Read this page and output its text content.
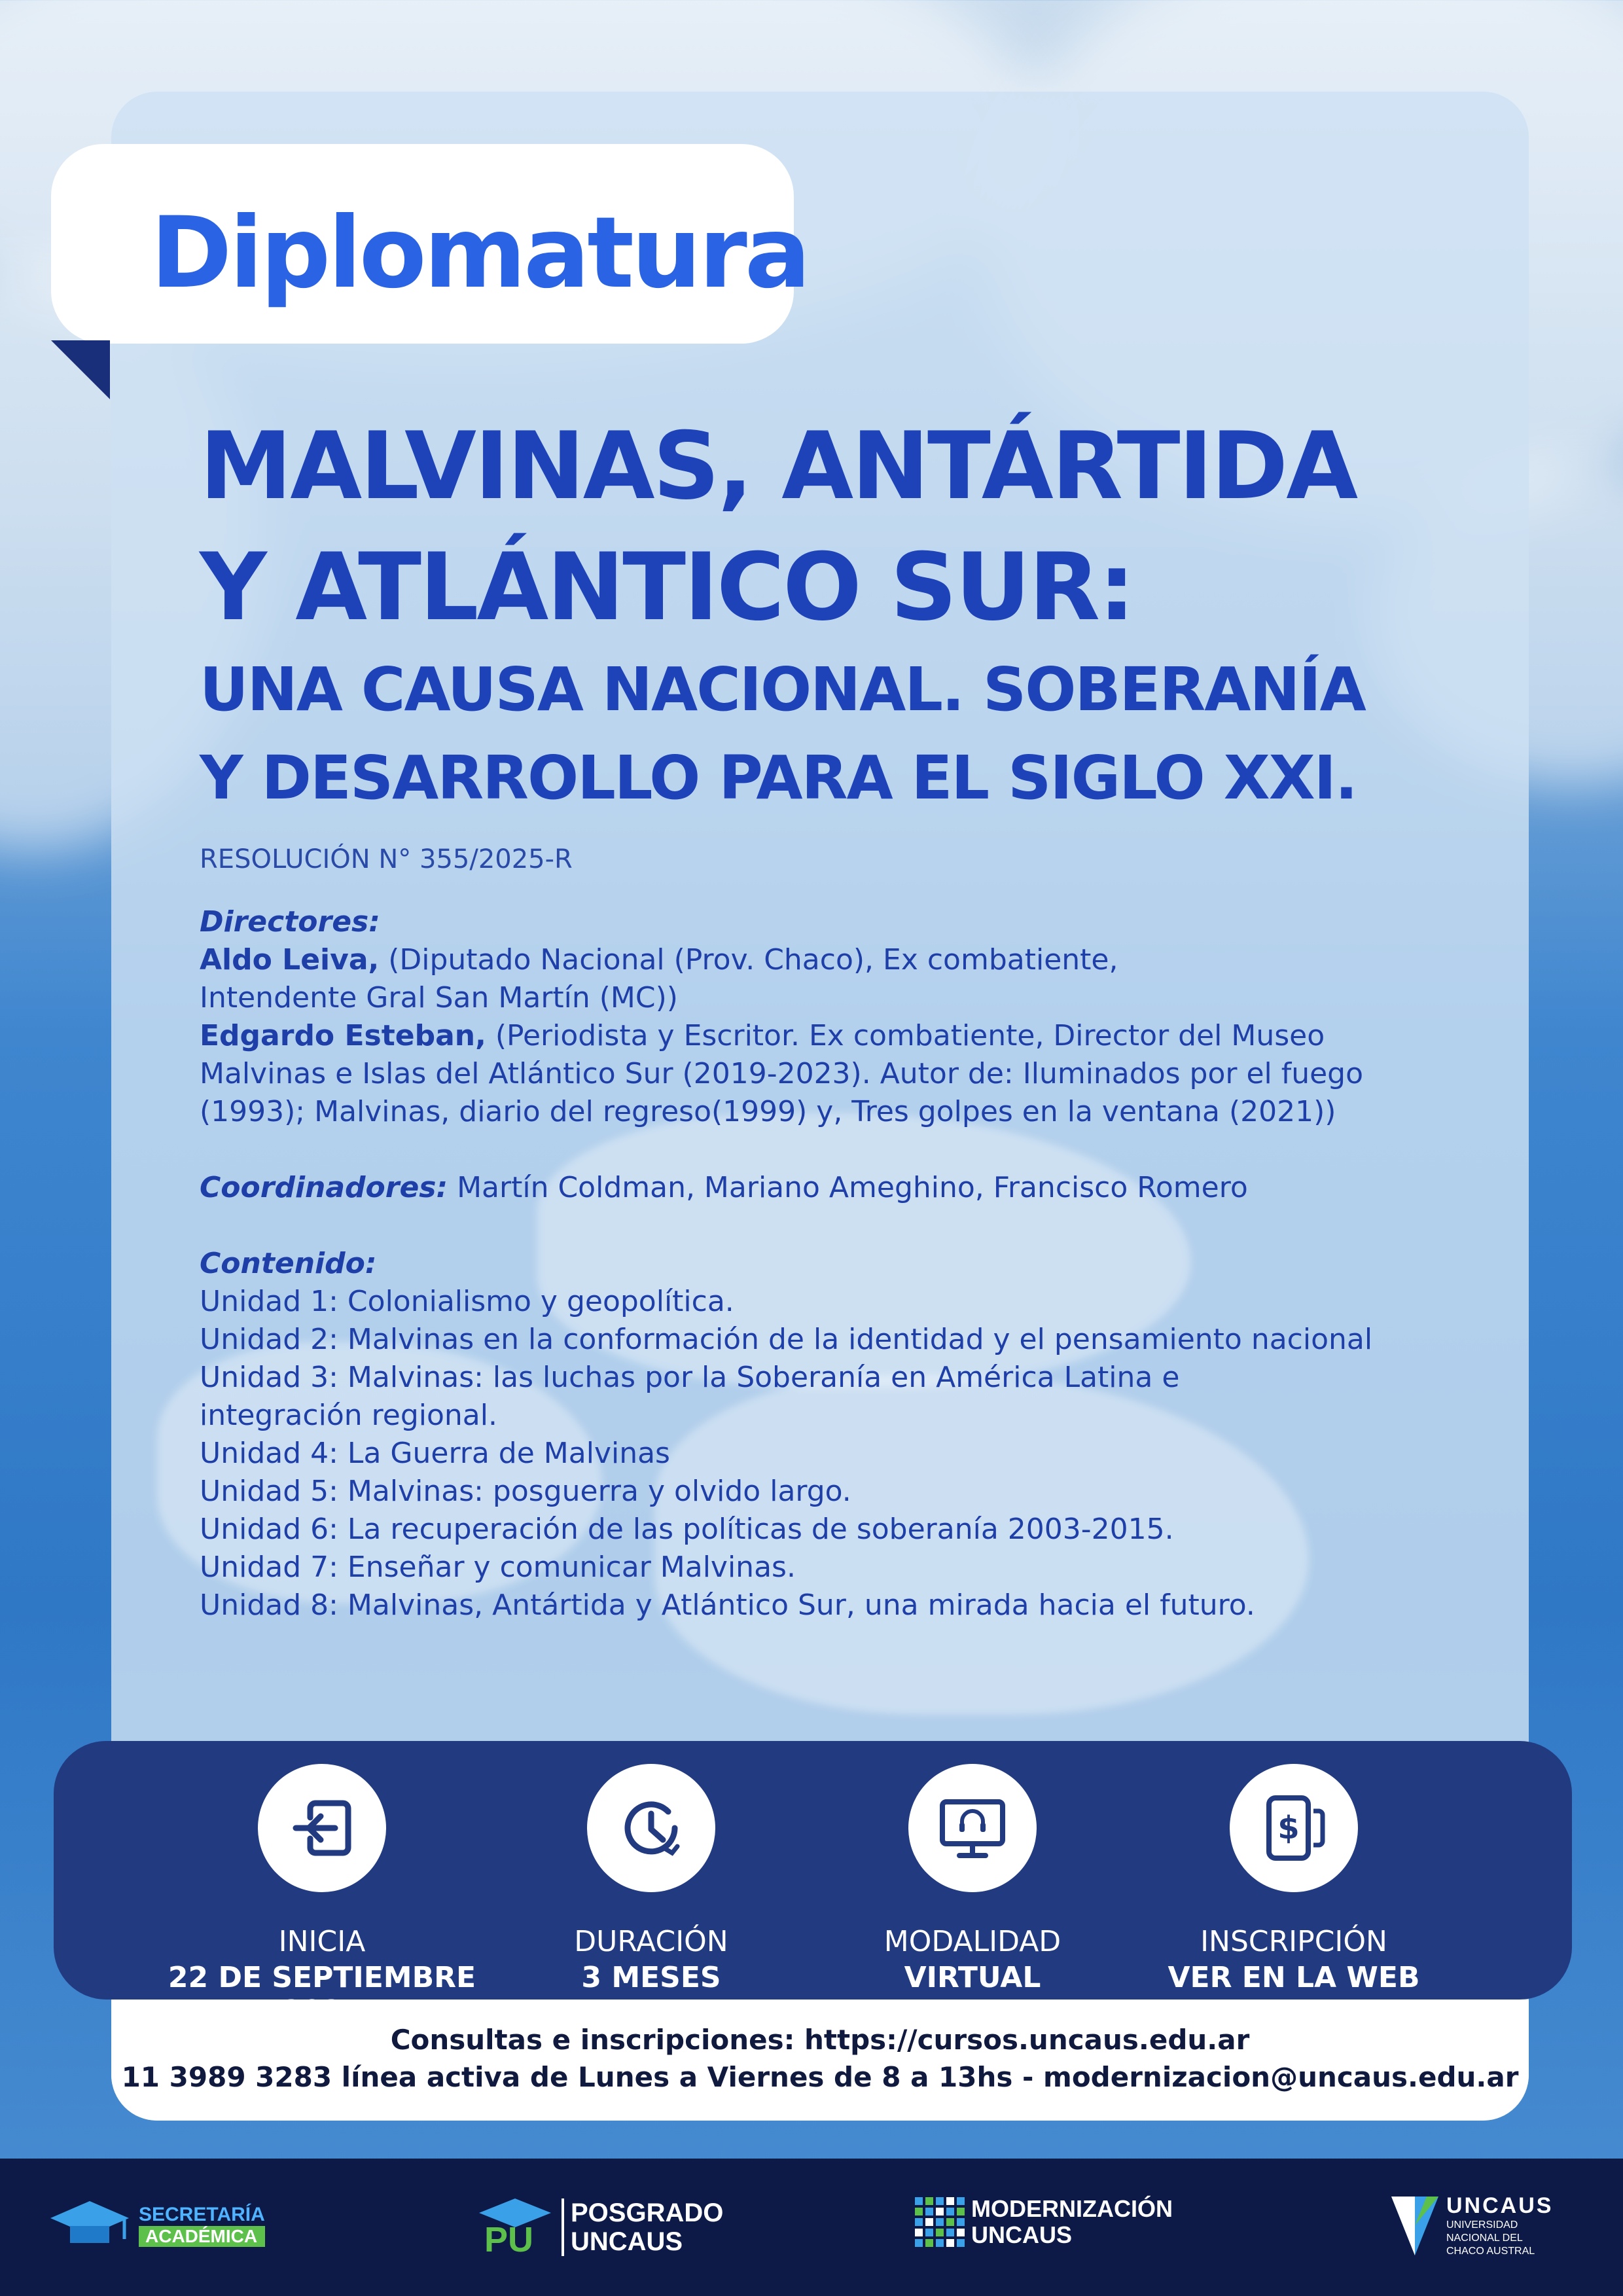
Diplomatura
MALVINAS, ANTÁRTIDA
Y ATLÁNTICO SUR:
UNA CAUSA NACIONAL. SOBERANÍA
Y DESARROLLO PARA EL SIGLO XXI.
RESOLUCIÓN N° 355/2025-R

Directores:

Aldo Leiva, (Diputado Nacional (Prov. Chaco), Ex combatiente,

Intendente Gral San Martín (MC))

Edgardo Esteban, (Periodista y Escritor. Ex combatiente, Director del Museo

Malvinas e Islas del Atlántico Sur (2019-2023). Autor de: Iluminados por el fuego

(1993); Malvinas, diario del regreso(1999) y, Tres golpes en la ventana (2021))

Coordinadores: Martín Coldman, Mariano Ameghino, Francisco Romero

Contenido:

Unidad 1: Colonialismo y geopolítica.

Unidad 2: Malvinas en la conformación de la identidad y el pensamiento nacional

Unidad 3: Malvinas: las luchas por la Soberanía en América Latina e

integración regional.

Unidad 4: La Guerra de Malvinas

Unidad 5: Malvinas: posguerra y olvido largo.

Unidad 6: La recuperación de las políticas de soberanía 2003-2015.

Unidad 7: Enseñar y comunicar Malvinas.

Unidad 8: Malvinas, Antártida y Atlántico Sur, una mirada hacia el futuro.

INICIA
22 DE SEPTIEMBRE
DURACIÓN
3 MESES
MODALIDAD
VIRTUAL
$
INSCRIPCIÓN
VER EN LA WEB
Consultas e inscripciones: https://cursos.uncaus.edu.ar
11 3989 3283 línea activa de Lunes a Viernes de 8 a 13hs - modernizacion@uncaus.edu.ar
SECRETARÍA
ACADÉMICA	PU
POSGRADO
UNCAUS
MODERNIZACIÓN
UNCAUS
UNCAUS
UNIVERSIDAD
NACIONAL DEL
CHACO AUSTRAL
